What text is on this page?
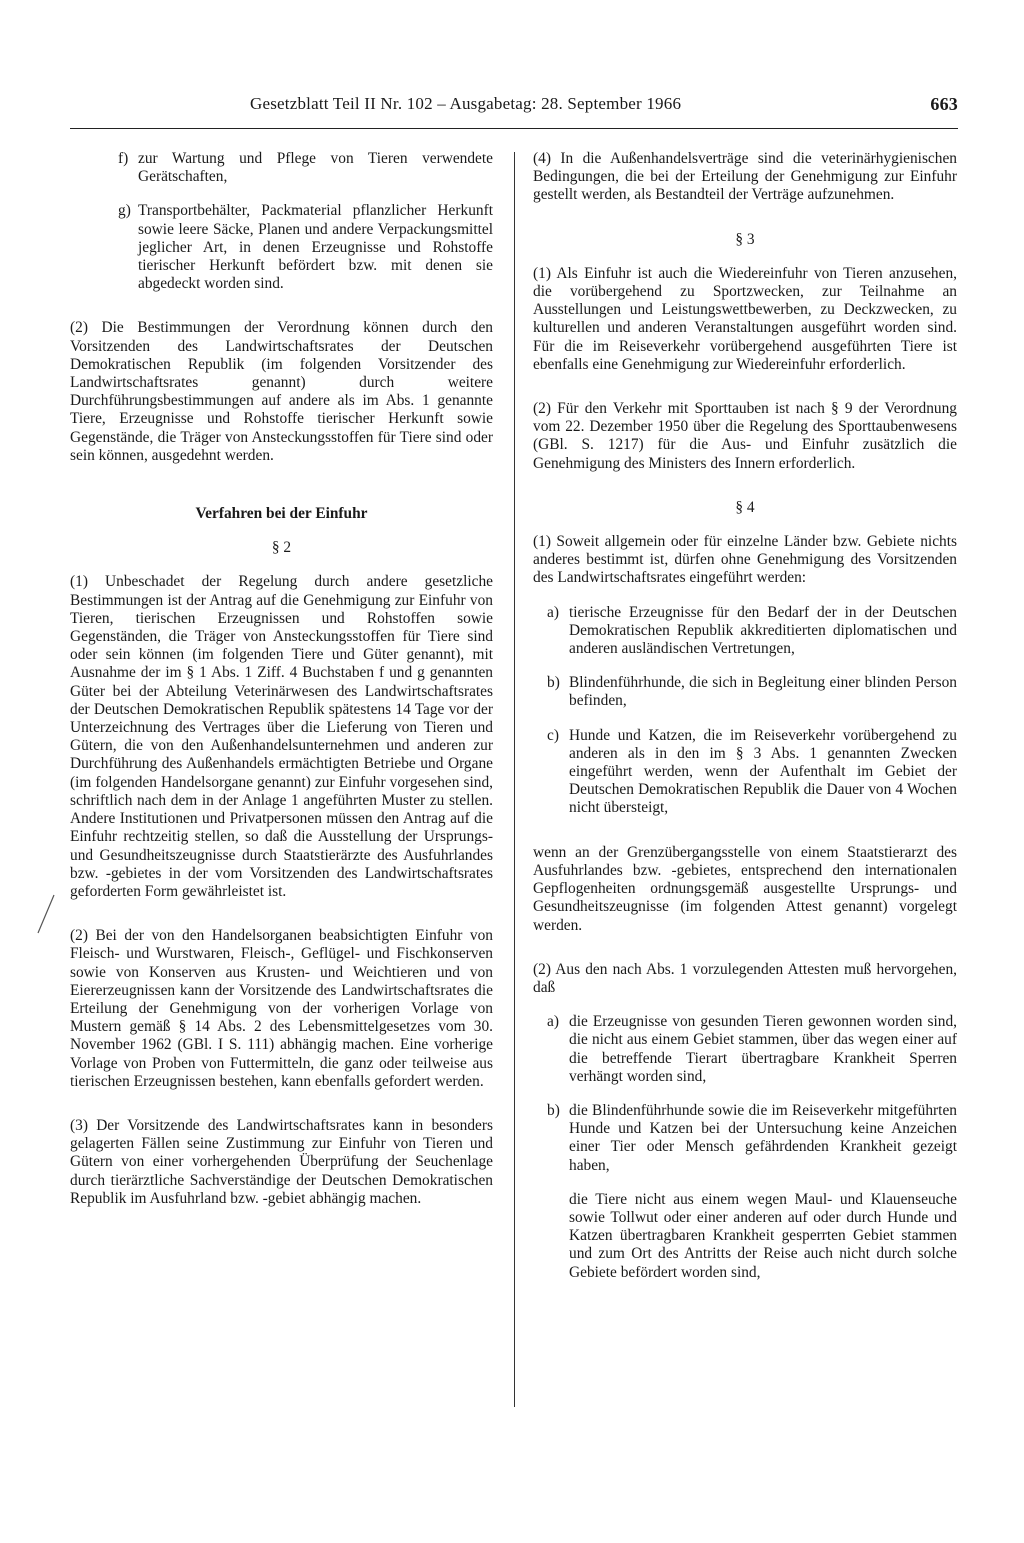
Gesetzblatt Teil II Nr. 102 – Ausgabetag: 28. September 1966	663
f) zur Wartung und Pflege von Tieren verwendete Gerätschaften,
g) Transportbehälter, Packmaterial pflanzlicher Herkunft sowie leere Säcke, Planen und andere Verpackungsmittel jeglicher Art, in denen Erzeugnisse und Rohstoffe tierischer Herkunft befördert bzw. mit denen sie abgedeckt worden sind.

(2) Die Bestimmungen der Verordnung können durch den Vorsitzenden des Landwirtschaftsrates der Deutschen Demokratischen Republik (im folgenden Vorsitzender des Landwirtschaftsrates genannt) durch weitere Durchführungsbestimmungen auf andere als im Abs. 1 genannte Tiere, Erzeugnisse und Rohstoffe tierischer Herkunft sowie Gegenstände, die Träger von Ansteckungsstoffen für Tiere sind oder sein können, ausgedehnt werden.

Verfahren bei der Einfuhr

§ 2

(1) Unbeschadet der Regelung durch andere gesetzliche Bestimmungen ist der Antrag auf die Genehmigung zur Einfuhr von Tieren, tierischen Erzeugnissen und Rohstoffen sowie Gegenständen, die Träger von Ansteckungsstoffen für Tiere sind oder sein können (im folgenden Tiere und Güter genannt), mit Ausnahme der im § 1 Abs. 1 Ziff. 4 Buchstaben f und g genannten Güter bei der Abteilung Veterinärwesen des Landwirtschaftsrates der Deutschen Demokratischen Republik spätestens 14 Tage vor der Unterzeichnung des Vertrages über die Lieferung von Tieren und Gütern, die von den Außenhandelsunternehmen und anderen zur Durchführung des Außenhandels ermächtigten Betriebe und Organe (im folgenden Handelsorgane genannt) zur Einfuhr vorgesehen sind, schriftlich nach dem in der Anlage 1 angeführten Muster zu stellen. Andere Institutionen und Privatpersonen müssen den Antrag auf die Einfuhr rechtzeitig stellen, so daß die Ausstellung der Ursprungs- und Gesundheitszeugnisse durch Staatstierärzte des Ausfuhrlandes bzw. -gebietes in der vom Vorsitzenden des Landwirtschaftsrates geforderten Form gewährleistet ist.

(2) Bei der von den Handelsorganen beabsichtigten Einfuhr von Fleisch- und Wurstwaren, Fleisch-, Geflügel- und Fischkonserven sowie von Konserven aus Krusten- und Weichtieren und von Eiererzeugnissen kann der Vorsitzende des Landwirtschaftsrates die Erteilung der Genehmigung von der vorherigen Vorlage von Mustern gemäß § 14 Abs. 2 des Lebensmittelgesetzes vom 30. November 1962 (GBl. I S. 111) abhängig machen. Eine vorherige Vorlage von Proben von Futtermitteln, die ganz oder teilweise aus tierischen Erzeugnissen bestehen, kann ebenfalls gefordert werden.

(3) Der Vorsitzende des Landwirtschaftsrates kann in besonders gelagerten Fällen seine Zustimmung zur Einfuhr von Tieren und Gütern von einer vorhergehenden Überprüfung der Seuchenlage durch tierärztliche Sachverständige der Deutschen Demokratischen Republik im Ausfuhrland bzw. -gebiet abhängig machen.

(4) In die Außenhandelsverträge sind die veterinärhygienischen Bedingungen, die bei der Erteilung der Genehmigung zur Einfuhr gestellt werden, als Bestandteil der Verträge aufzunehmen.

§ 3

(1) Als Einfuhr ist auch die Wiedereinfuhr von Tieren anzusehen, die vorübergehend zu Sportzwecken, zur Teilnahme an Ausstellungen und Leistungswettbewerben, zu Deckzwecken, zu kulturellen und anderen Veranstaltungen ausgeführt worden sind. Für die im Reiseverkehr vorübergehend ausgeführten Tiere ist ebenfalls eine Genehmigung zur Wiedereinfuhr erforderlich.

(2) Für den Verkehr mit Sporttauben ist nach § 9 der Verordnung vom 22. Dezember 1950 über die Regelung des Sporttaubenwesens (GBl. S. 1217) für die Aus- und Einfuhr zusätzlich die Genehmigung des Ministers des Innern erforderlich.

§ 4

(1) Soweit allgemein oder für einzelne Länder bzw. Gebiete nichts anderes bestimmt ist, dürfen ohne Genehmigung des Vorsitzenden des Landwirtschaftsrates eingeführt werden:

a) tierische Erzeugnisse für den Bedarf der in der Deutschen Demokratischen Republik akkreditierten diplomatischen und anderen ausländischen Vertretungen,
b) Blindenführhunde, die sich in Begleitung einer blinden Person befinden,
c) Hunde und Katzen, die im Reiseverkehr vorübergehend zu anderen als in den im § 3 Abs. 1 genannten Zwecken eingeführt werden, wenn der Aufenthalt im Gebiet der Deutschen Demokratischen Republik die Dauer von 4 Wochen nicht übersteigt,

wenn an der Grenzübergangsstelle von einem Staatstierarzt des Ausfuhrlandes bzw. -gebietes, entsprechend den internationalen Gepflogenheiten ordnungsgemäß ausgestellte Ursprungs- und Gesundheitszeugnisse (im folgenden Attest genannt) vorgelegt werden.

(2) Aus den nach Abs. 1 vorzulegenden Attesten muß hervorgehen, daß

a) die Erzeugnisse von gesunden Tieren gewonnen worden sind, die nicht aus einem Gebiet stammen, über das wegen einer auf die betreffende Tierart übertragbare Krankheit Sperren verhängt worden sind,
b) die Blindenführhunde sowie die im Reiseverkehr mitgeführten Hunde und Katzen bei der Untersuchung keine Anzeichen einer Tier oder Mensch gefährdenden Krankheit gezeigt haben,

die Tiere nicht aus einem wegen Maul- und Klauenseuche sowie Tollwut oder einer anderen auf oder durch Hunde und Katzen übertragbaren Krankheit gesperrten Gebiet stammen und zum Ort des Antritts der Reise auch nicht durch solche Gebiete befördert worden sind,
